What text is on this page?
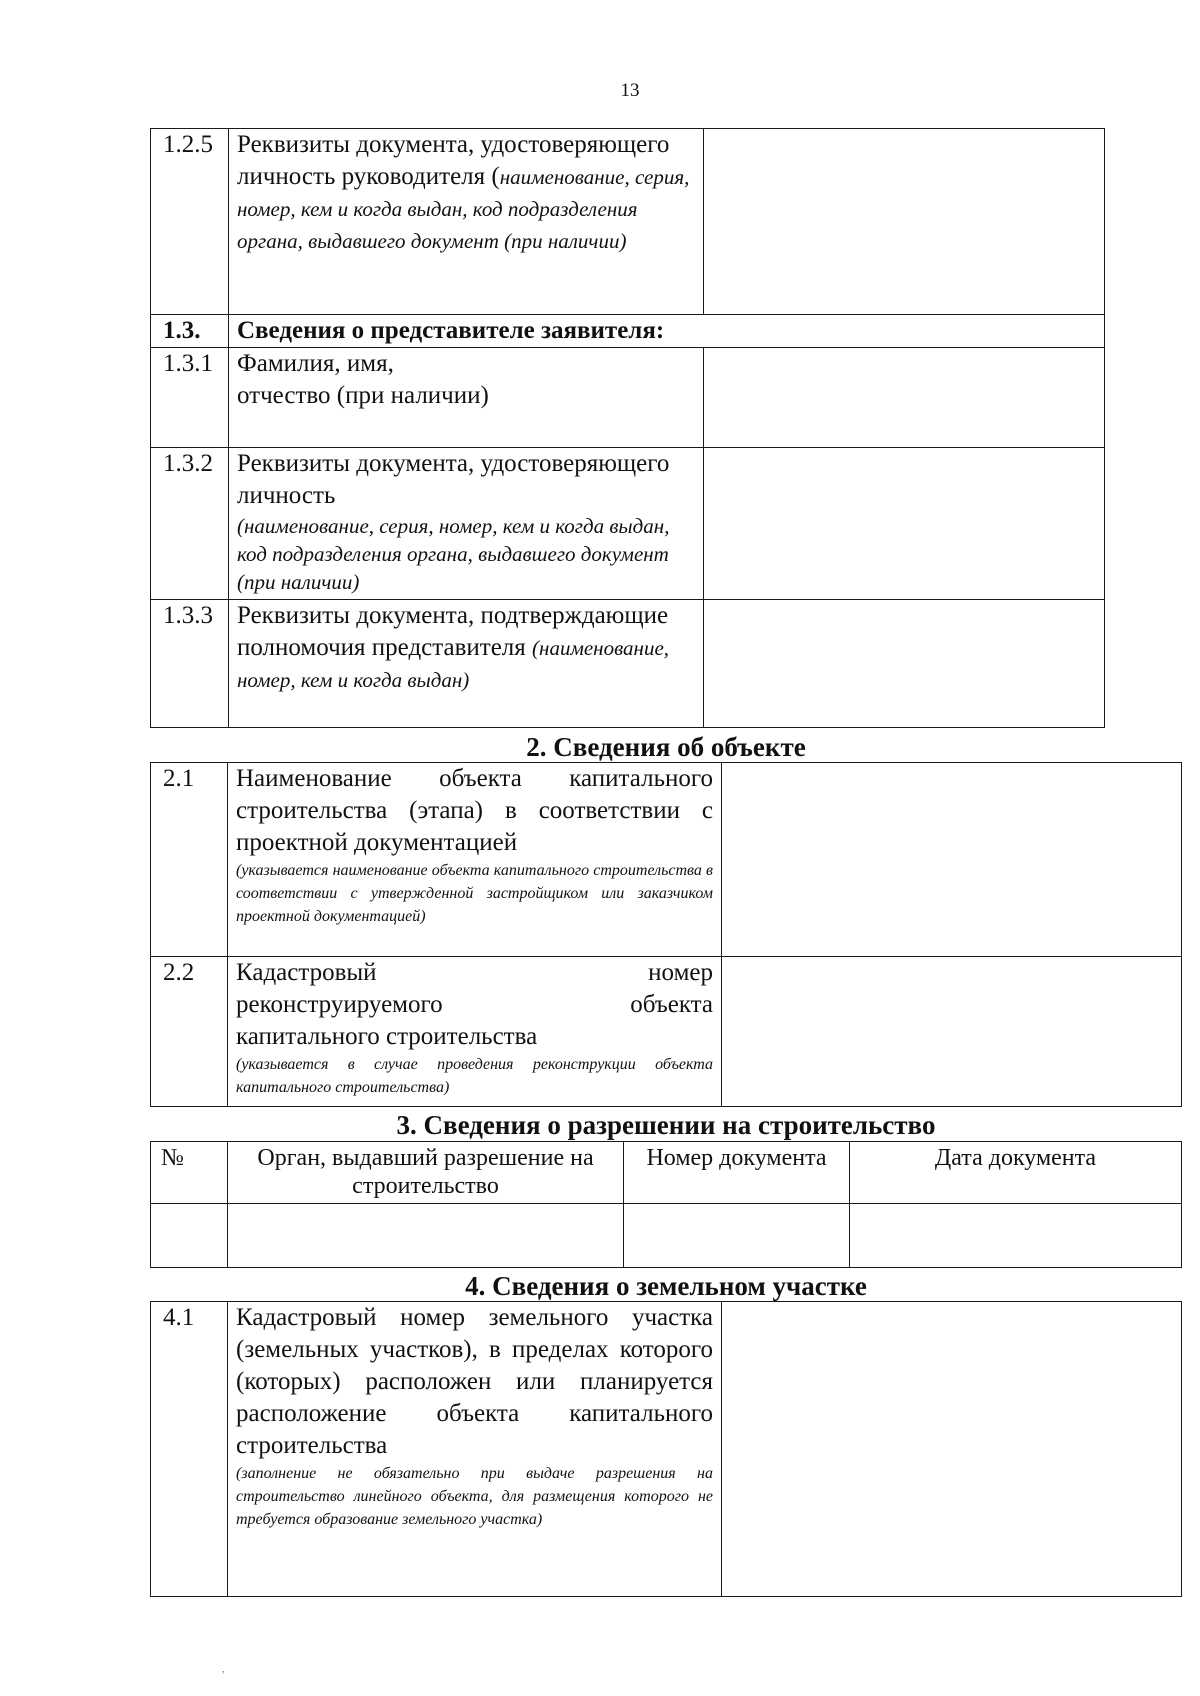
13
1.2.5	Реквизиты документа, удостоверяющего личность руководителя (наименование, серия, номер, кем и когда выдан, код подразделения органа, выдавшего документ (при наличии)	
1.3.	Сведения о представителе заявителя:	
1.3.1	Фамилия, имя,
отчество (при наличии)	

1.3.2	Реквизиты документа, удостоверяющего личность
(наименование, серия, номер, кем и когда выдан, код подразделения органа, выдавшего документ (при наличии)	

1.3.3	Реквизиты документа, подтверждающие полномочия представителя (наименование, номер, кем и когда выдан)	
2. Сведения об объекте
2.1	Наименование объекта капитального строительства (этапа) в соответствии с проектной документацией
(указывается наименование объекта капитального строительства в соответствии с утвержденной застройщиком или заказчиком проектной документацией)	

2.2	Кадастровый номер
реконструируемого объекта
капитального строительства
(указывается в случае проведения реконструкции объекта капитального строительства)	

3. Сведения о разрешении на строительство
№	Орган, выдавший разрешение на строительство	Номер документа	Дата документа

4. Сведения о земельном участке
4.1	Кадастровый номер земельного участка (земельных участков), в пределах которого (которых) расположен или планируется расположение объекта капитального строительства
(заполнение не обязательно при выдаче разрешения на строительство линейного объекта, для размещения которого не требуется образование земельного участка)

,
